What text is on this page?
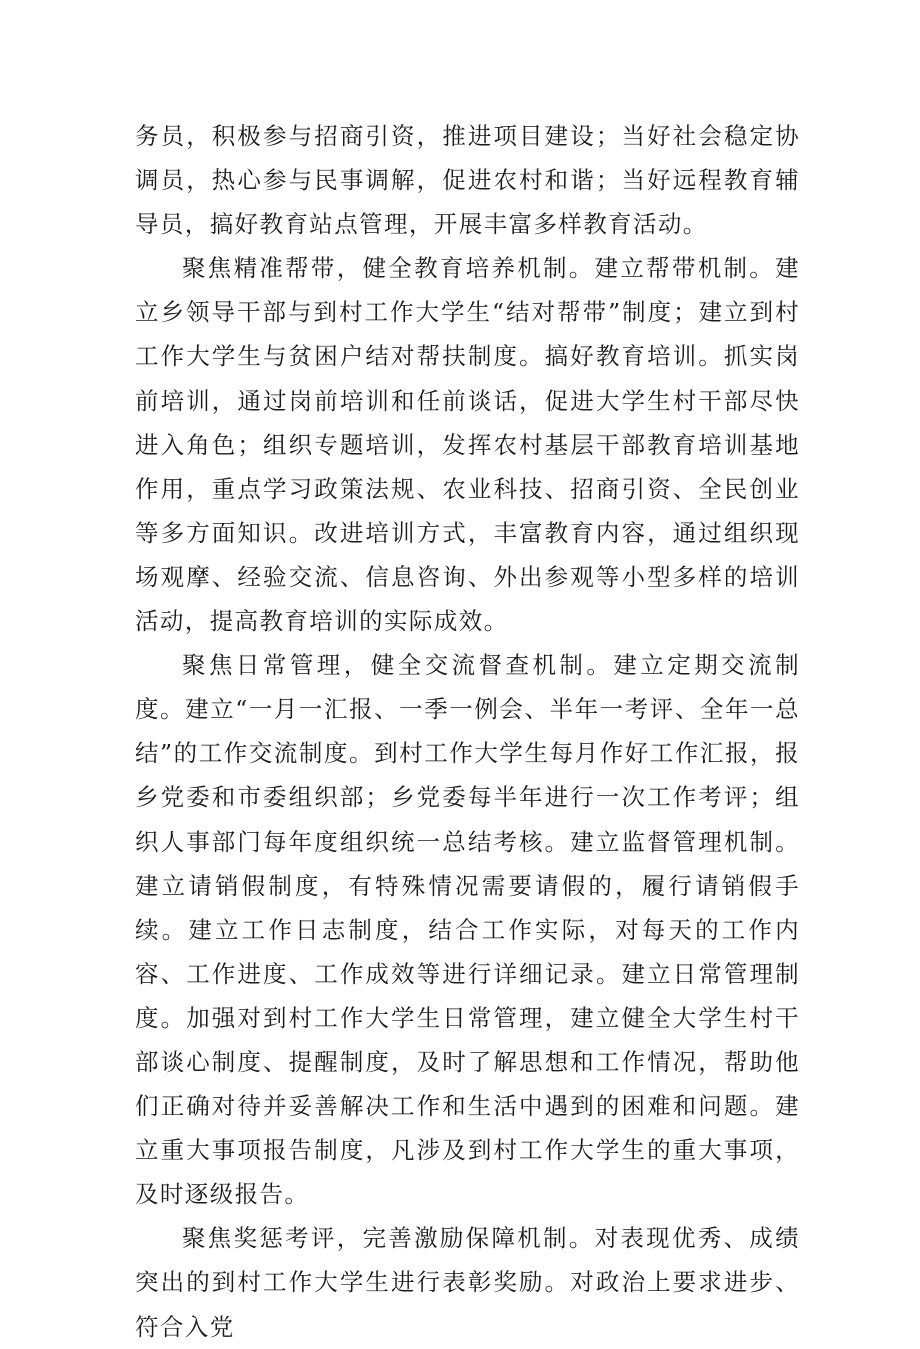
务员，积极参与招商引资，推进项目建设；当好社会稳定协调员，热心参与民事调解，促进农村和谐；当好远程教育辅导员，搞好教育站点管理，开展丰富多样教育活动。

聚焦精准帮带，健全教育培养机制。建立帮带机制。建立乡领导干部与到村工作大学生“结对帮带”制度；建立到村工作大学生与贫困户结对帮扶制度。搞好教育培训。抓实岗前培训，通过岗前培训和任前谈话，促进大学生村干部尽快进入角色；组织专题培训，发挥农村基层干部教育培训基地作用，重点学习政策法规、农业科技、招商引资、全民创业等多方面知识。改进培训方式，丰富教育内容，通过组织现场观摩、经验交流、信息咨询、外出参观等小型多样的培训活动，提高教育培训的实际成效。

聚焦日常管理，健全交流督查机制。建立定期交流制度。建立“一月一汇报、一季一例会、半年一考评、全年一总结”的工作交流制度。到村工作大学生每月作好工作汇报，报乡党委和市委组织部；乡党委每半年进行一次工作考评；组织人事部门每年度组织统一总结考核。建立监督管理机制。建立请销假制度，有特殊情况需要请假的，履行请销假手续。建立工作日志制度，结合工作实际，对每天的工作内容、工作进度、工作成效等进行详细记录。建立日常管理制度。加强对到村工作大学生日常管理，建立健全大学生村干部谈心制度、提醒制度，及时了解思想和工作情况，帮助他们正确对待并妥善解决工作和生活中遇到的困难和问题。建立重大事项报告制度，凡涉及到村工作大学生的重大事项，及时逐级报告。

聚焦奖惩考评，完善激励保障机制。对表现优秀、成绩突出的到村工作大学生进行表彰奖励。对政治上要求进步、符合入党
